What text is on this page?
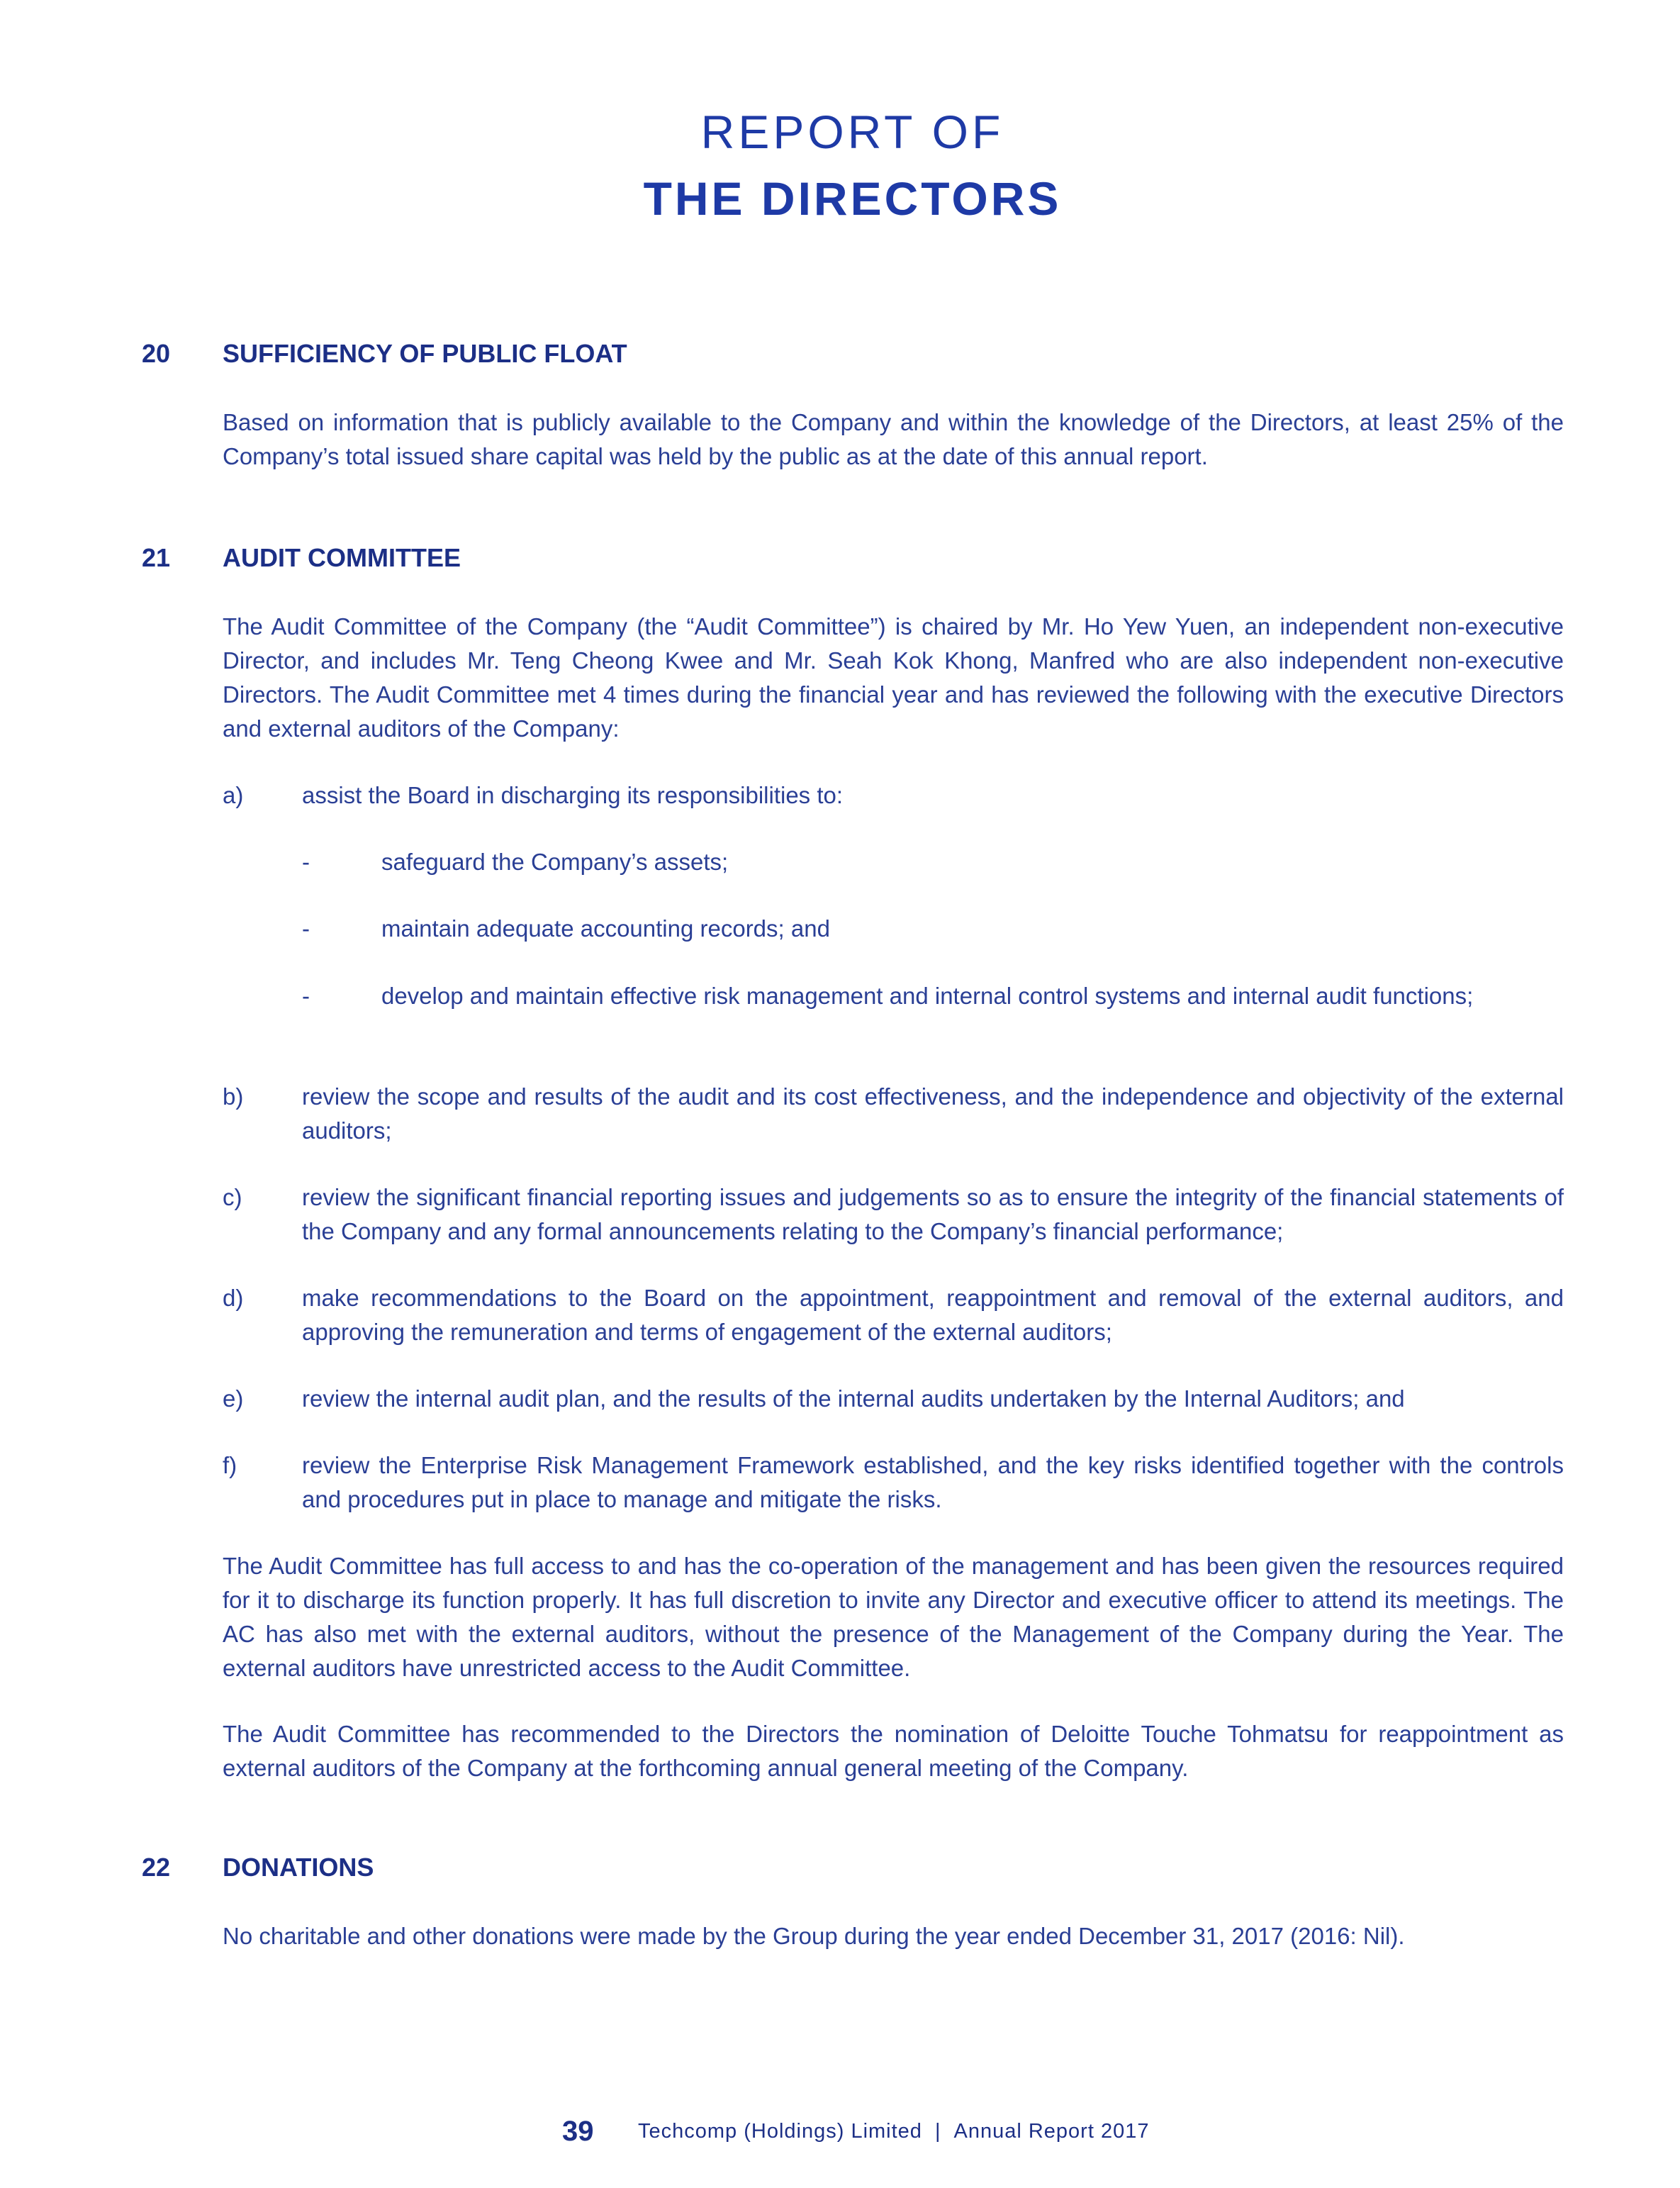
REPORT OF
THE DIRECTORS
20 SUFFICIENCY OF PUBLIC FLOAT
Based on information that is publicly available to the Company and within the knowledge of the Directors, at least 25% of the Company’s total issued share capital was held by the public as at the date of this annual report.
21 AUDIT COMMITTEE
The Audit Committee of the Company (the “Audit Committee”) is chaired by Mr. Ho Yew Yuen, an independent non-executive Director, and includes Mr. Teng Cheong Kwee and Mr. Seah Kok Khong, Manfred who are also independent non-executive Directors. The Audit Committee met 4 times during the financial year and has reviewed the following with the executive Directors and external auditors of the Company:
a)	assist the Board in discharging its responsibilities to:
-	safeguard the Company’s assets;
-	maintain adequate accounting records; and
-	develop and maintain effective risk management and internal control systems and internal audit functions;
b)	review the scope and results of the audit and its cost effectiveness, and the independence and objectivity of the external auditors;
c)	review the significant financial reporting issues and judgements so as to ensure the integrity of the financial statements of the Company and any formal announcements relating to the Company’s financial performance;
d)	make recommendations to the Board on the appointment, reappointment and removal of the external auditors, and approving the remuneration and terms of engagement of the external auditors;
e)	review the internal audit plan, and the results of the internal audits undertaken by the Internal Auditors; and
f)	review the Enterprise Risk Management Framework established, and the key risks identified together with the controls and procedures put in place to manage and mitigate the risks.
The Audit Committee has full access to and has the co-operation of the management and has been given the resources required for it to discharge its function properly. It has full discretion to invite any Director and executive officer to attend its meetings. The AC has also met with the external auditors, without the presence of the Management of the Company during the Year. The external auditors have unrestricted access to the Audit Committee.
The Audit Committee has recommended to the Directors the nomination of Deloitte Touche Tohmatsu for reappointment as external auditors of the Company at the forthcoming annual general meeting of the Company.
22 DONATIONS
No charitable and other donations were made by the Group during the year ended December 31, 2017 (2016: Nil).
39 Techcomp (Holdings) Limited | Annual Report 2017
